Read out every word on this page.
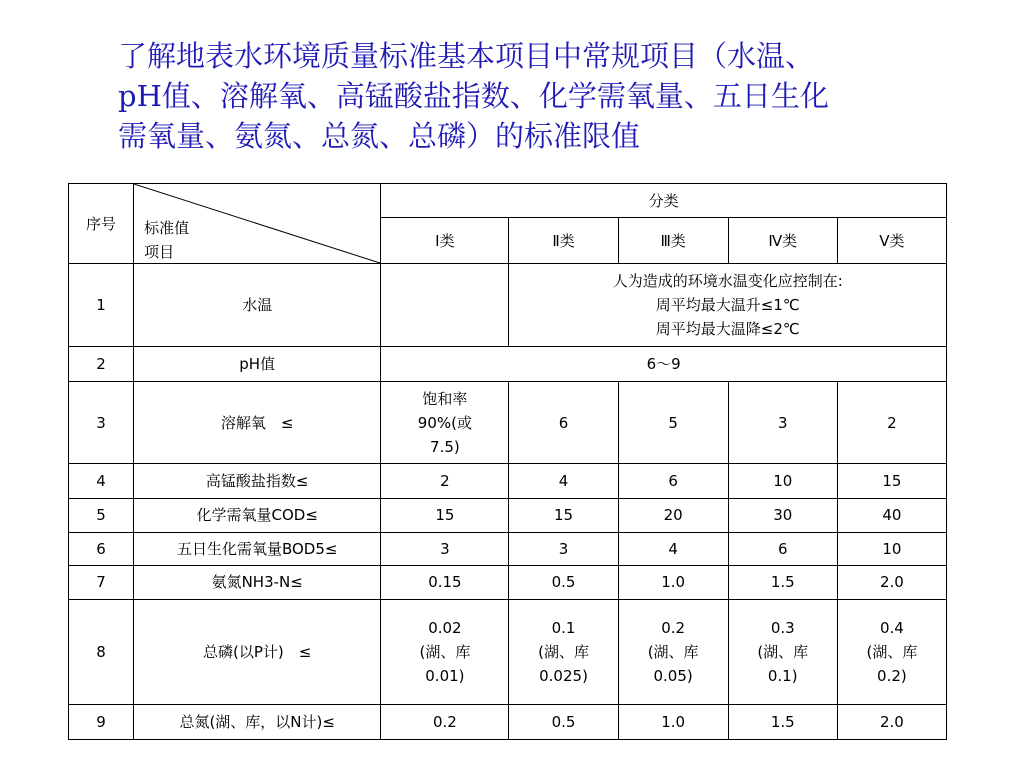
了解地表水环境质量标准基本项目中常规项目（水温、
pH值、溶解氧、高锰酸盐指数、化学需氧量、五日生化
需氧量、氨氮、总氮、总磷）的标准限值
序号	标准值
项目	分类				
		Ⅰ类	Ⅱ类	Ⅲ类	Ⅳ类	Ⅴ类
1	水温		人为造成的环境水温变化应控制在:
周平均最大温升≤1℃
周平均最大温降≤2℃			

2	pH值	6～9				
3	溶解氧　≤	饱和率
90%(或
7.5)	6	5	3	2
4	高锰酸盐指数≤	2	4	6	10	15
5	化学需氧量COD≤	15	15	20	30	40
6	五日生化需氧量BOD5≤	3	3	4	6	10
7	氨氮NH3-N≤	0.15	0.5	1.0	1.5	2.0
8	总磷(以P计)　≤	0.02
(湖、库
0.01)	0.1
(湖、库
0.025)	0.2
(湖、库
0.05)	0.3
(湖、库
0.1)	0.4
(湖、库
0.2)

9	总氮(湖、库，以N计)≤	0.2	0.5	1.0	1.5	2.0
